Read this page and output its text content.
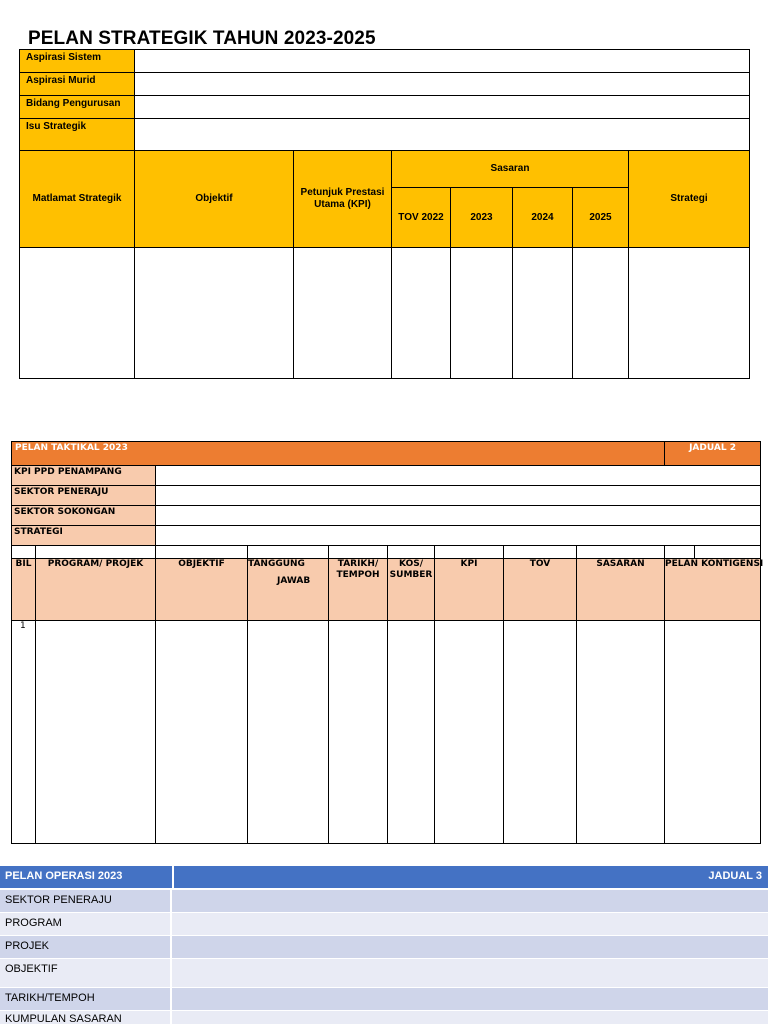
PELAN STRATEGIK TAHUN 2023-2025
Aspirasi Sistem							
Aspirasi Murid							
Bidang Pengurusan							
Isu Strategik							
Matlamat Strategik	Objektif	Petunjuk Prestasi Utama (KPI)	Sasaran				Strategi
			TOV 2022	2023	2024	2025	

PELAN TAKTIKAL 2023									JADUAL 2	
KPI PPD PENAMPANG										
SEKTOR PENERAJU										
SEKTOR SOKONGAN										
STRATEGI										

BIL	PROGRAM/ PROJEK	OBJEKTIF	TANGGUNG
JAWAB	TARIKH/ TEMPOH	KOS/ SUMBER	KPI	TOV	SASARAN	PELAN KONTIGENSI	
1										
PELAN OPERASI 2023	JADUAL 3
SEKTOR PENERAJU
PROGRAM
PROJEK
OBJEKTIF
TARIKH/TEMPOH
KUMPULAN SASARAN
